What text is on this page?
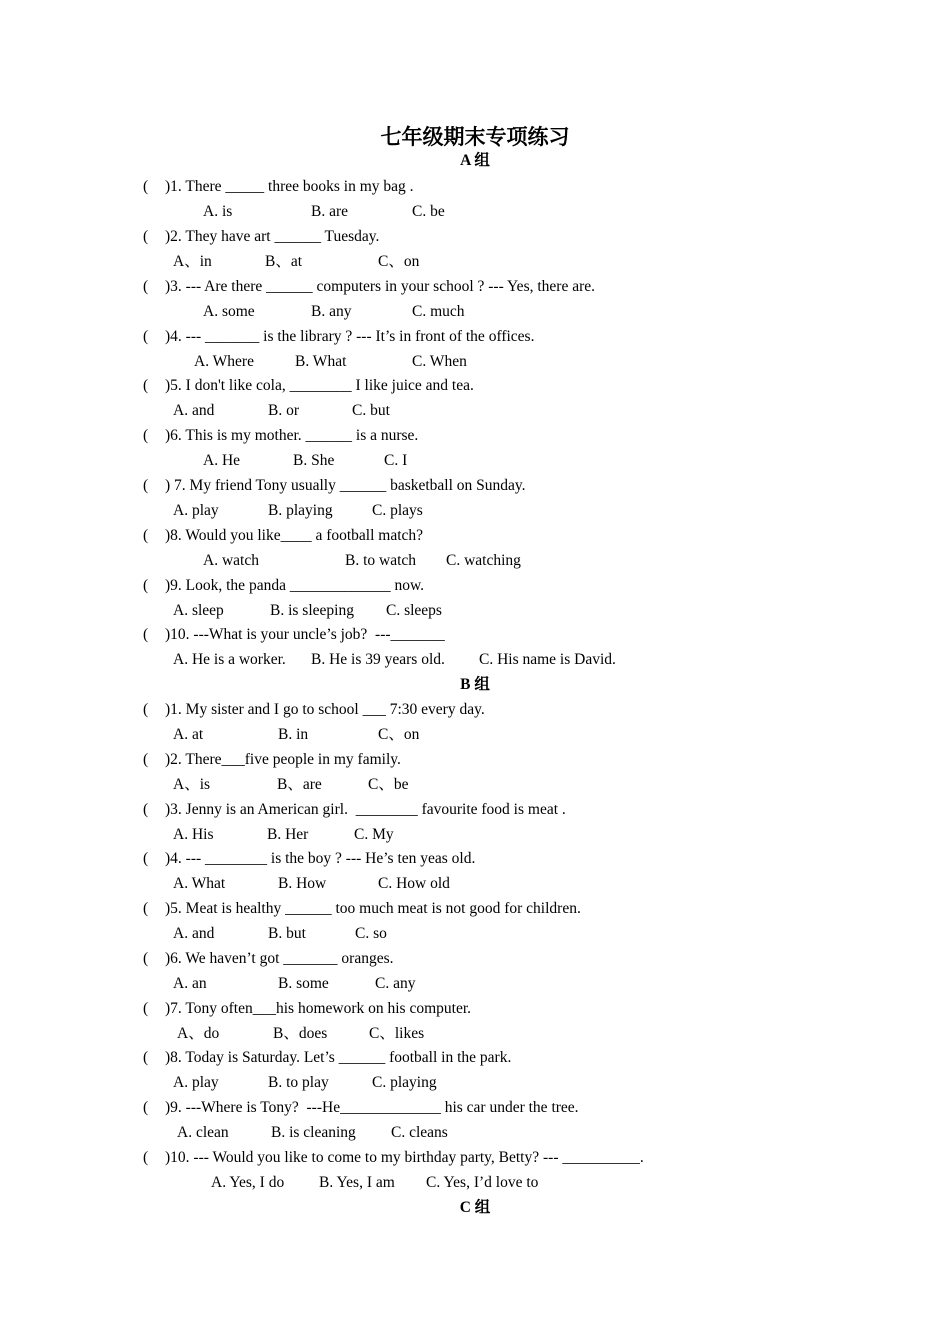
七年级期末专项练习
A 组
( )1. There _____ three books in my bag .
A. is	B. are	C. be
( )2. They have art ______ Tuesday.
A、in	B、at	C、on
( )3. --- Are there ______ computers in your school ? --- Yes, there are.
A. some	B. any	C. much
( )4. --- _______ is the library ? --- It’s in front of the offices.
A. Where	B. What	C. When
( )5. I don't like cola, ________ I like juice and tea.
A. and	B. or	C. but
( )6. This is my mother. ______ is a nurse.
A. He	B. She	C. I
( ) 7. My friend Tony usually ______ basketball on Sunday.
A. play	B. playing	C. plays
( )8. Would you like____ a football match?
A. watch	B. to watch C. watching
( )9. Look, the panda _____________ now.
A. sleep	B. is sleeping C. sleeps
( )10. ---What is your uncle’s job?  ---_______
A. He is a worker. B. He is 39 years old. C. His name is David.
B 组
( )1. My sister and I go to school ___ 7:30 every day.
A. at	B. in	C、on
( )2. There___five people in my family.
A、is	B、are	C、be
( )3. Jenny is an American girl.  ________ favourite food is meat .
A. His	B. Her	C. My
( )4. --- ________ is the boy ? --- He’s ten yeas old.
A. What	B. How	C. How old
( )5. Meat is healthy ______ too much meat is not good for children.
A. and	B. but	C. so
( )6. We haven’t got _______ oranges.
A. an	B. some	C. any
( )7. Tony often___his homework on his computer.
A、do	B、does	C、likes
( )8. Today is Saturday. Let’s ______ football in the park.
A. play	B. to play	C. playing
( )9. ---Where is Tony?  ---He_____________ his car under the tree.
A. clean	B. is cleaning C. cleans
( )10. --- Would you like to come to my birthday party, Betty? --- __________.
A. Yes, I do B. Yes, I am C. Yes, I’d love to
C 组
